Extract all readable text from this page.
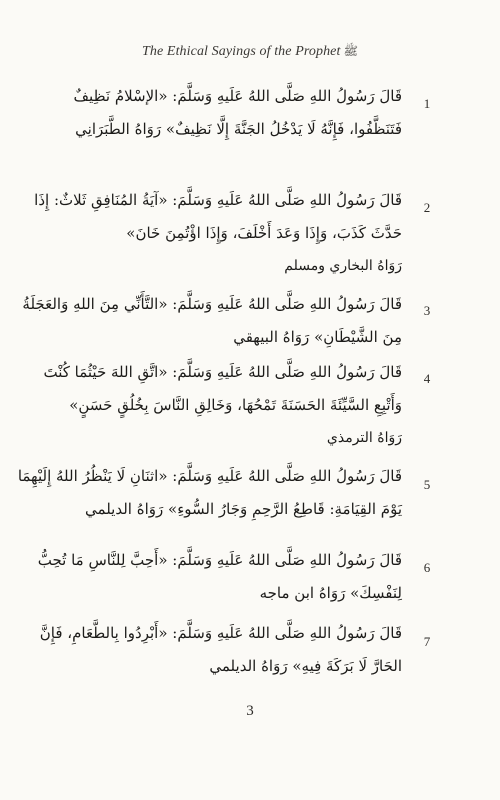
The Ethical Sayings of the Prophet ﷺ
1
قَالَ رَسُولُ اللهِ صَلَّى اللهُ عَلَيهِ وَسَلَّمَ: «الإسْلامُ نَظِيفٌ
فَتَنَظَّفُوا، فَإِنَّهُ لَا يَدْخُلُ الجَنَّةَ إِلَّا نَظِيفٌ» رَوَاهُ الطَّبَرَانِي
2
قَالَ رَسُولُ اللهِ صَلَّى اللهُ عَلَيهِ وَسَلَّمَ: «آيَةُ المُنَافِقِ ثَلاثٌ: إِذَا
حَدَّثَ كَذَبَ، وَإِذَا وَعَدَ أَخْلَفَ، وَإِذَا اؤْتُمِنَ خَانَ»
رَوَاهُ البخاري ومسلم
3
قَالَ رَسُولُ اللهِ صَلَّى اللهُ عَلَيهِ وَسَلَّمَ: «التَّأَنِّي مِنَ اللهِ وَالعَجَلَةُ
مِنَ الشَّيْطَانِ» رَوَاهُ البيهقي
4
قَالَ رَسُولُ اللهِ صَلَّى اللهُ عَلَيهِ وَسَلَّمَ: «اتَّقِ اللهَ حَيْثُمَا كُنْتَ
وَأَتْبِعِ السَّيِّئَةَ الحَسَنَةَ تَمْحُهَا، وَخَالِقِ النَّاسَ بِخُلُقٍ حَسَنٍ»
رَوَاهُ الترمذي
5
قَالَ رَسُولُ اللهِ صَلَّى اللهُ عَلَيهِ وَسَلَّمَ: «اثنَانِ لَا يَنْظُرُ اللهُ إِلَيْهِمَا
يَوْمَ القِيَامَةِ: قَاطِعُ الرَّحِمِ وَجَارُ السُّوءِ» رَوَاهُ الديلمي
6
قَالَ رَسُولُ اللهِ صَلَّى اللهُ عَلَيهِ وَسَلَّمَ: «أَحِبَّ لِلنَّاسِ مَا تُحِبُّ
لِنَفْسِكَ» رَوَاهُ ابن ماجه
7
قَالَ رَسُولُ اللهِ صَلَّى اللهُ عَلَيهِ وَسَلَّمَ: «أَبْرِدُوا بِالطَّعَامِ، فَإِنَّ
الحَارَّ لَا بَرَكَةَ فِيهِ» رَوَاهُ الديلمي
3
